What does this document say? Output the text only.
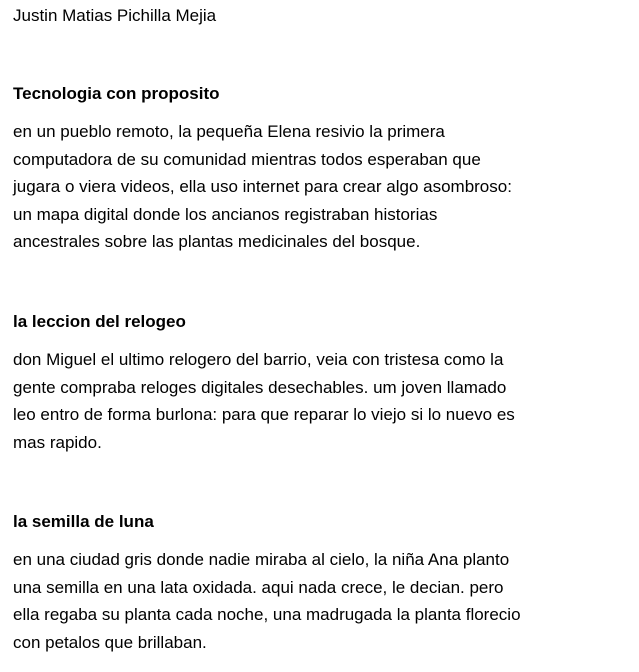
Justin Matias Pichilla Mejia
Tecnologia con proposito

en un pueblo remoto, la pequeña Elena resivio la primera
computadora de su comunidad mientras todos esperaban que
jugara o viera videos, ella uso internet para crear algo asombroso:
un mapa digital donde los ancianos registraban historias
ancestrales sobre las plantas medicinales del bosque.

la leccion del relogeo

don Miguel el ultimo relogero del barrio, veia con tristesa como la
gente compraba reloges digitales desechables. um joven llamado
leo entro de forma burlona: para que reparar lo viejo si lo nuevo es
mas rapido.

la semilla de luna

en una ciudad gris donde nadie miraba al cielo, la niña Ana planto
una semilla en una lata oxidada. aqui nada crece, le decian. pero
ella regaba su planta cada noche, una madrugada la planta florecio
con petalos que brillaban.
